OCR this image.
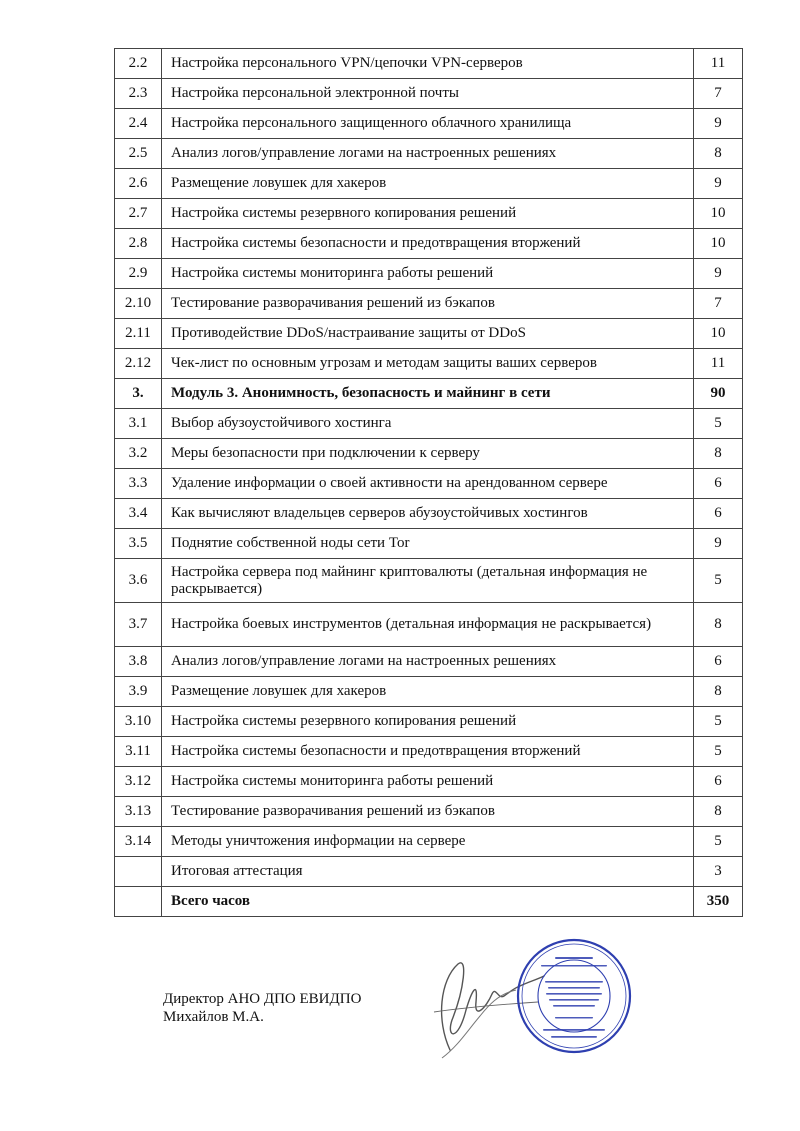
2.2	Настройка персонального VPN/цепочки VPN-серверов	11
2.3	Настройка персональной электронной почты	7
2.4	Настройка персонального защищенного облачного хранилища	9
2.5	Анализ логов/управление логами на настроенных решениях	8
2.6	Размещение ловушек для хакеров	9
2.7	Настройка системы резервного копирования решений	10
2.8	Настройка системы безопасности и предотвращения вторжений	10
2.9	Настройка системы мониторинга работы решений	9
2.10	Тестирование разворачивания решений из бэкапов	7
2.11	Противодействие DDoS/настраивание защиты от DDoS	10
2.12	Чек-лист по основным угрозам и методам защиты ваших серверов	11
3.	Модуль 3. Анонимность, безопасность и майнинг в сети	90
3.1	Выбор абузоустойчивого хостинга	5
3.2	Меры безопасности при подключении к серверу	8
3.3	Удаление информации о своей активности на арендованном сервере	6
3.4	Как вычисляют владельцев серверов абузоустойчивых хостингов	6
3.5	Поднятие собственной ноды сети Tor	9
3.6	Настройка сервера под майнинг криптовалюты (детальная информация не раскрывается)	5
3.7	Настройка боевых инструментов (детальная информация не раскрывается)	8
3.8	Анализ логов/управление логами на настроенных решениях	6
3.9	Размещение ловушек для хакеров	8
3.10	Настройка системы резервного копирования решений	5
3.11	Настройка системы безопасности и предотвращения вторжений	5
3.12	Настройка системы мониторинга работы решений	6
3.13	Тестирование разворачивания решений из бэкапов	8
3.14	Методы уничтожения информации на сервере	5
	Итоговая аттестация	3
	Всего часов	350
Директор АНО ДПО ЕВИДПО
Михайлов М.А.
